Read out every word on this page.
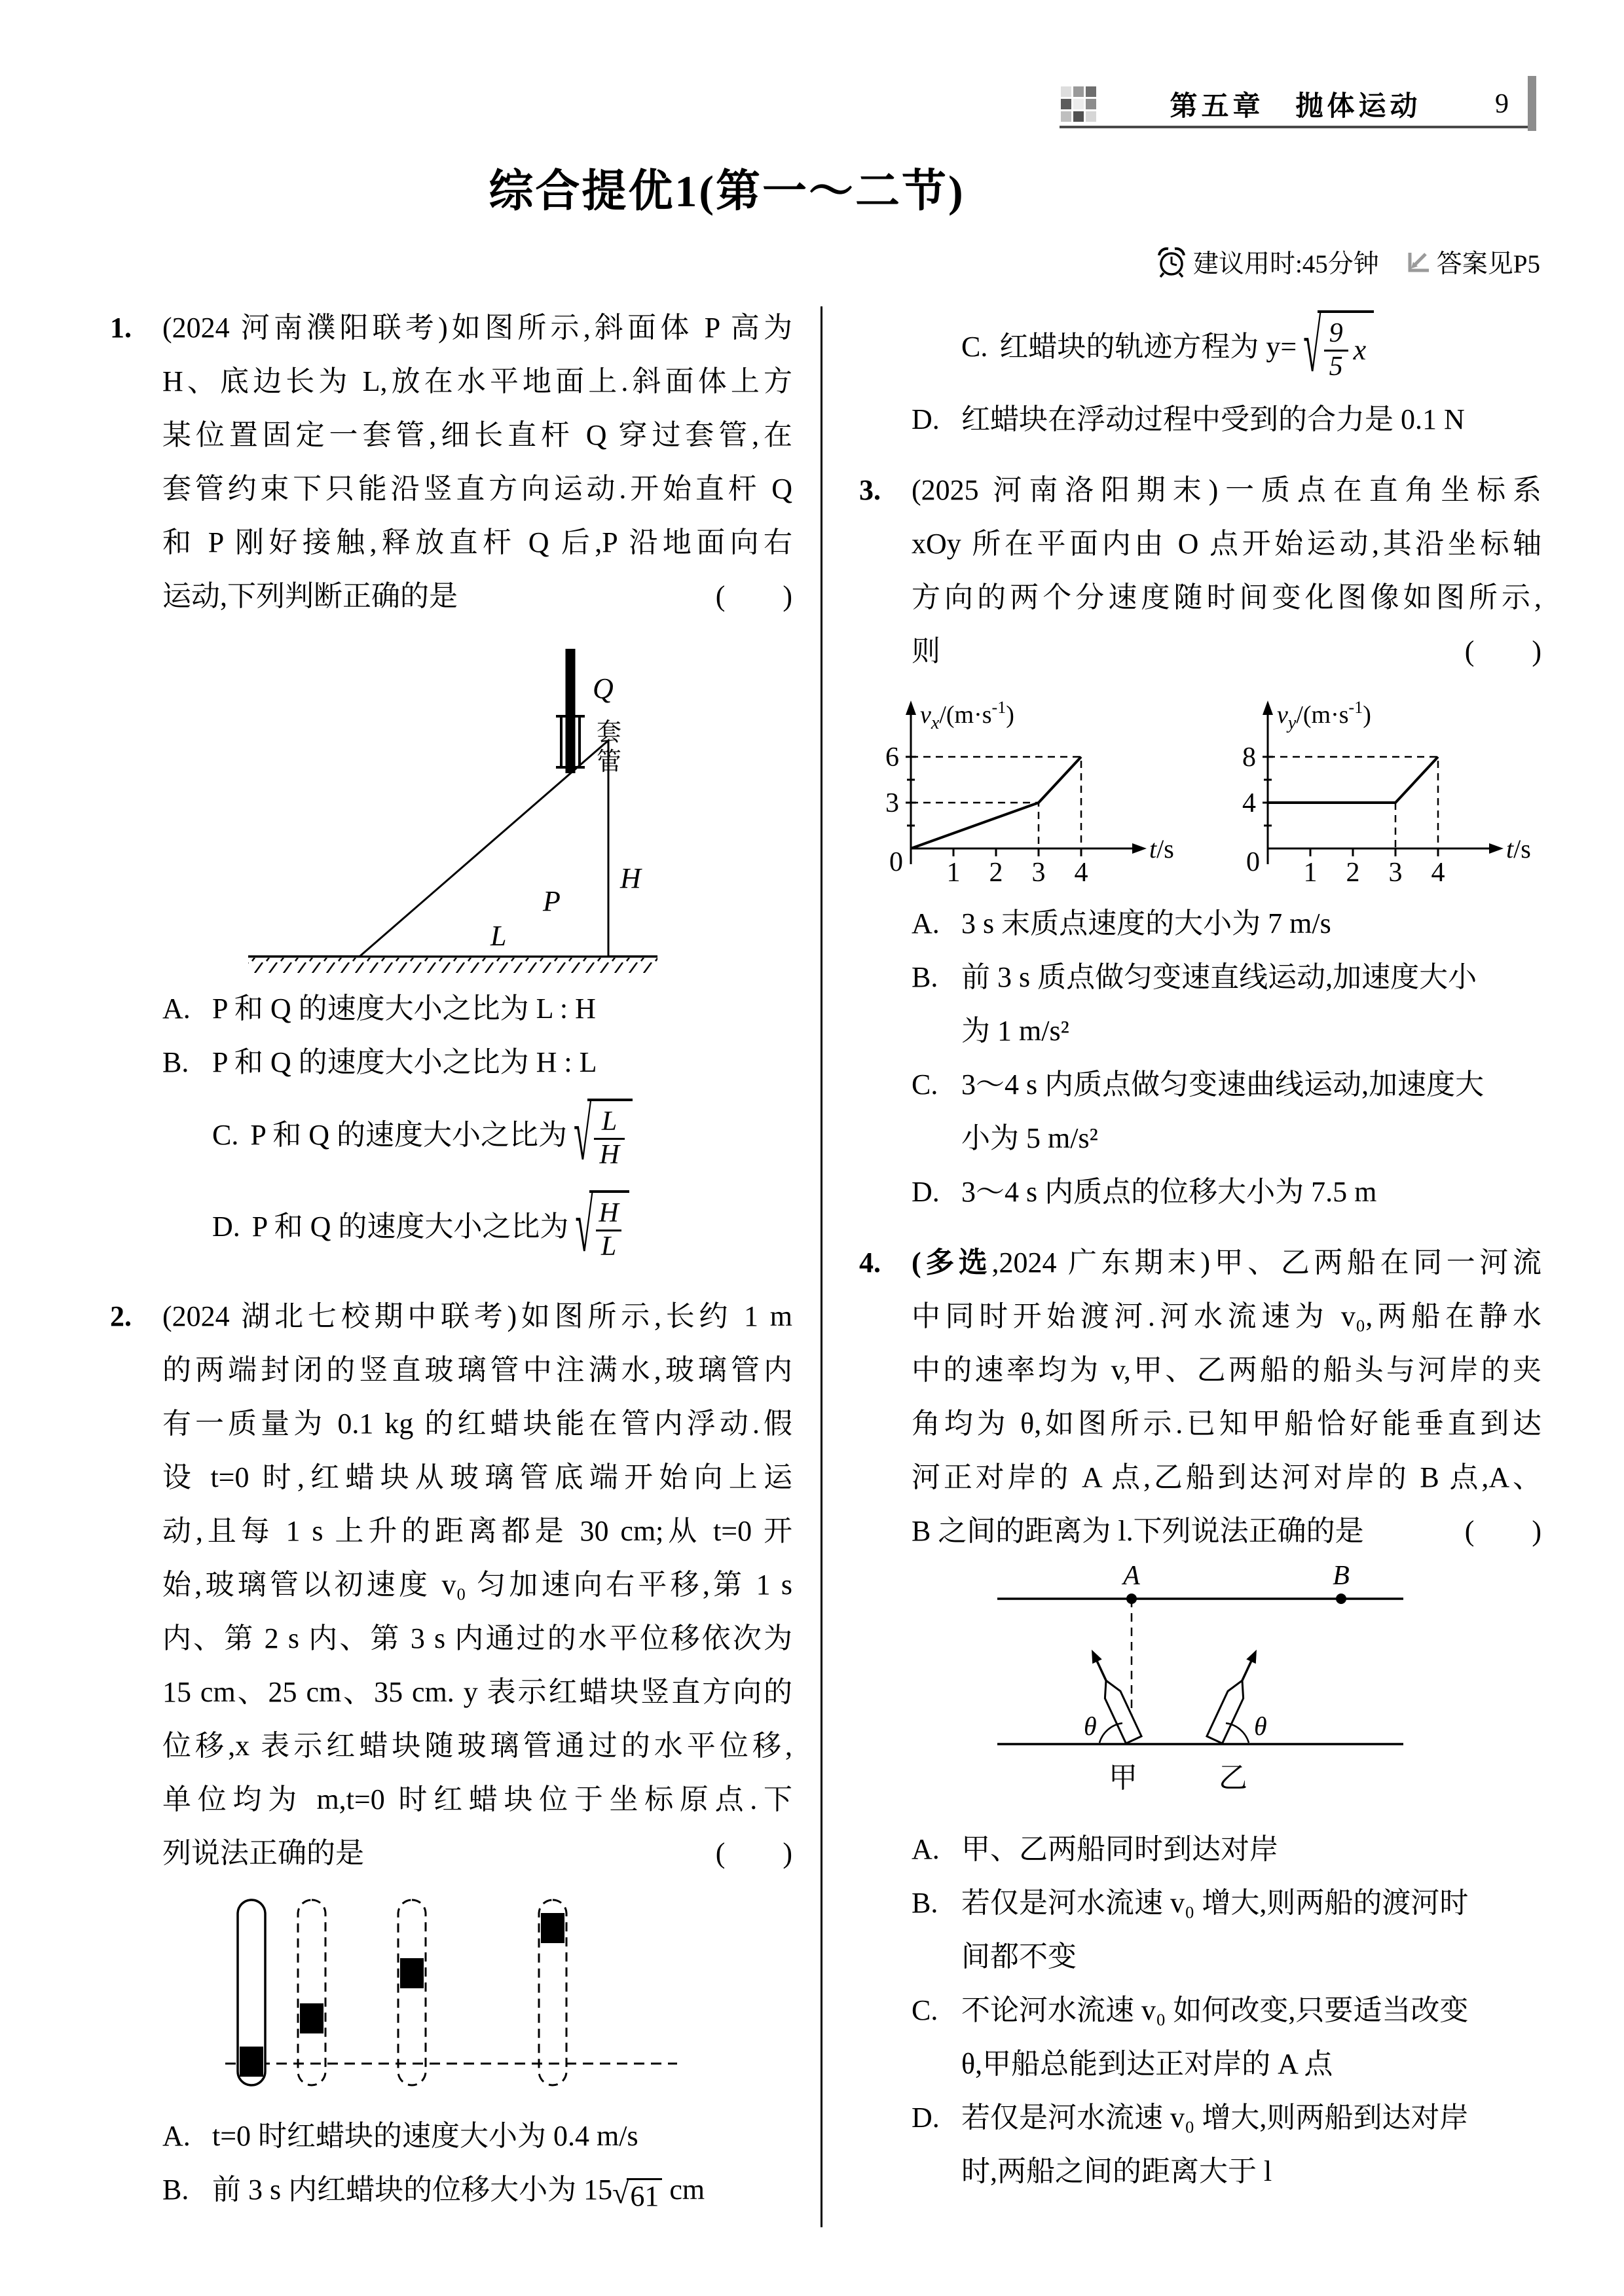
第五章　抛体运动	9
综合提优1(第一～二节)
建议用时:45分钟 答案见P5
1. (2024 河南濮阳联考)如图所示,斜面体 P 高为
H、底边长为 L,放在水平地面上.斜面体上方
某位置固定一套管,细长直杆 Q 穿过套管,在
套管约束下只能沿竖直方向运动.开始直杆 Q
和 P 刚好接触,释放直杆 Q 后,P 沿地面向右
运动,下列判断正确的是	(　　)
Q
套
管
P
H
L
A. P 和 Q 的速度大小之比为 L : H
B. P 和 Q 的速度大小之比为 H : L
C. P 和 Q 的速度大小之比为 √ $\frac{L}{H}$
D. P 和 Q 的速度大小之比为 √ $\frac{H}{L}$
2. (2024 湖北七校期中联考)如图所示,长约 1 m
的两端封闭的竖直玻璃管中注满水,玻璃管内
有一质量为 0.1 kg 的红蜡块能在管内浮动.假
设 t=0 时,红蜡块从玻璃管底端开始向上运
动,且每 1 s 上升的距离都是 30 cm;从 t=0 开
始,玻璃管以初速度 v₀ 匀加速向右平移,第 1 s
内、第 2 s 内、第 3 s 内通过的水平位移依次为
15 cm、25 cm、35 cm. y 表示红蜡块竖直方向的
位移,x 表示红蜡块随玻璃管通过的水平位移,
单位均为 m,t=0 时红蜡块位于坐标原点.下
列说法正确的是	(　　)
A. t=0 时红蜡块的速度大小为 0.4 m/s
B. 前 3 s 内红蜡块的位移大小为 15 √ 61 cm
C. 红蜡块的轨迹方程为 y= √ $\frac{9}{5}$ x
D. 红蜡块在浮动过程中受到的合力是 0.1 N
3. (2025 河南洛阳期末)一质点在直角坐标系
xOy 所在平面内由 O 点开始运动,其沿坐标轴
方向的两个分速度随时间变化图像如图所示,
则	(　　)
0
3
6
1 2 3 4
$v_x/(m\cdot s^{-1})$
t/s	0
4
8
1 2 3 4
$v_y/(m\cdot s^{-1})$
t/s
A. 3 s 末质点速度的大小为 7 m/s
B. 前 3 s 质点做匀变速直线运动,加速度大小
为 1 m/s²
C. 3～4 s 内质点做匀变速曲线运动,加速度大
小为 5 m/s²
D. 3～4 s 内质点的位移大小为 7.5 m
4. (多选,2024 广东期末)甲、乙两船在同一河流
中同时开始渡河.河水流速为 v₀,两船在静水
中的速率均为 v,甲、乙两船的船头与河岸的夹
角均为 θ,如图所示.已知甲船恰好能垂直到达
河正对岸的 A 点,乙船到达河对岸的 B 点,A、
B 之间的距离为 l.下列说法正确的是	(　　)
A	B
θ	θ
甲	乙
A. 甲、乙两船同时到达对岸
B. 若仅是河水流速 v₀ 增大,则两船的渡河时
间都不变
C. 不论河水流速 v₀ 如何改变,只要适当改变
θ,甲船总能到达正对岸的 A 点
D. 若仅是河水流速 v₀ 增大,则两船到达对岸
时,两船之间的距离大于 l
